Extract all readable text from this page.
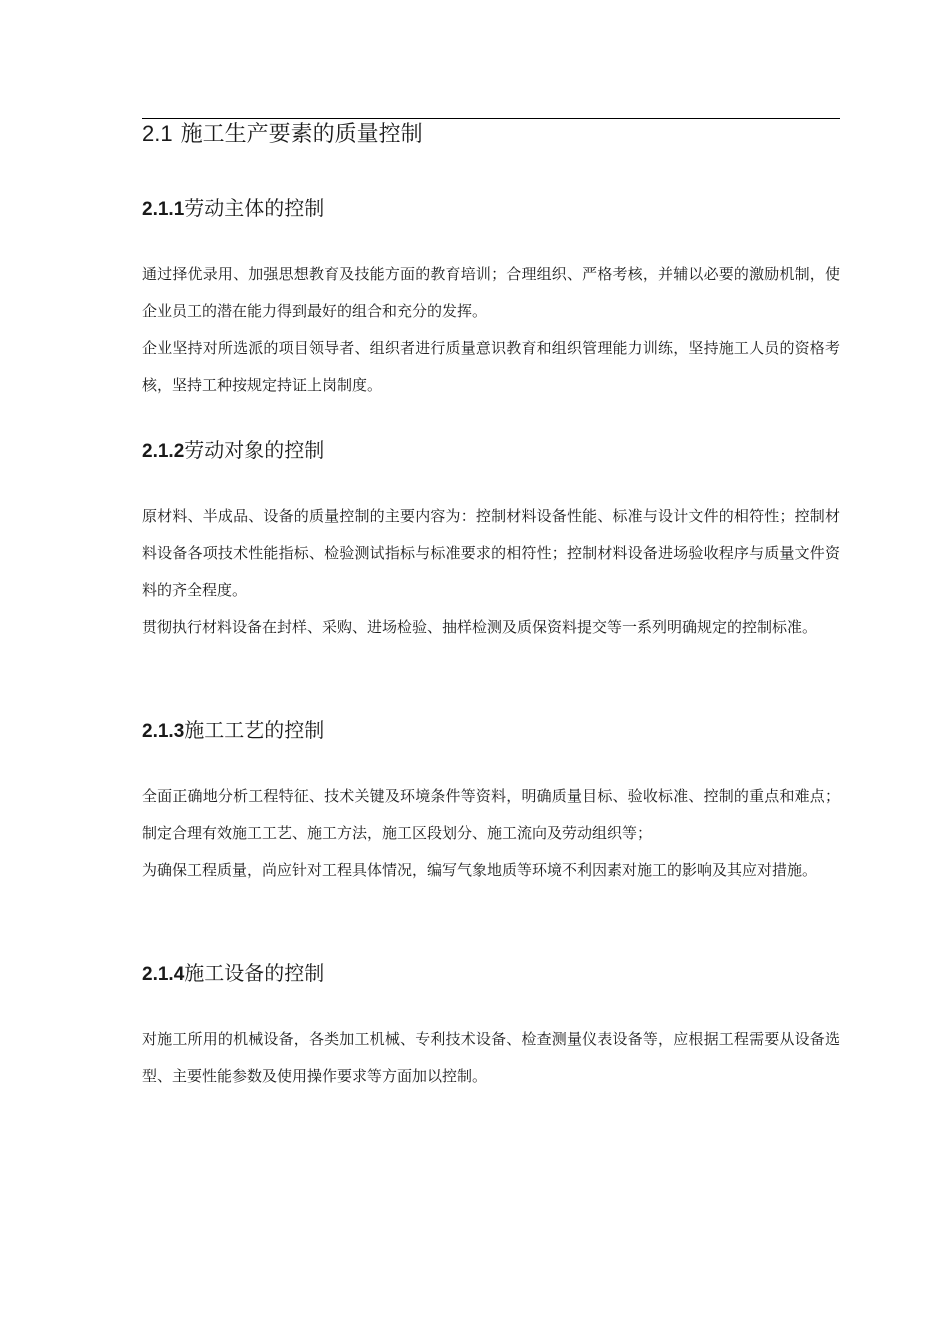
2.1 施工生产要素的质量控制
2.1.1劳动主体的控制

通过择优录用、加强思想教育及技能方面的教育培训；合理组织、严格考核，并辅以必要的激励机制，使企业员工的潜在能力得到最好的组合和充分的发挥。

企业坚持对所选派的项目领导者、组织者进行质量意识教育和组织管理能力训练，坚持施工人员的资格考核，坚持工种按规定持证上岗制度。

2.1.2劳动对象的控制

原材料、半成品、设备的质量控制的主要内容为：控制材料设备性能、标准与设计文件的相符性；控制材料设备各项技术性能指标、检验测试指标与标准要求的相符性；控制材料设备进场验收程序与质量文件资料的齐全程度。

贯彻执行材料设备在封样、采购、进场检验、抽样检测及质保资料提交等一系列明确规定的控制标准。

2.1.3施工工艺的控制

全面正确地分析工程特征、技术关键及环境条件等资料，明确质量目标、验收标准、控制的重点和难点；制定合理有效施工工艺、施工方法，施工区段划分、施工流向及劳动组织等；

为确保工程质量，尚应针对工程具体情况，编写气象地质等环境不利因素对施工的影响及其应对措施。

2.1.4施工设备的控制

对施工所用的机械设备，各类加工机械、专利技术设备、检查测量仪表设备等，应根据工程需要从设备选型、主要性能参数及使用操作要求等方面加以控制。
